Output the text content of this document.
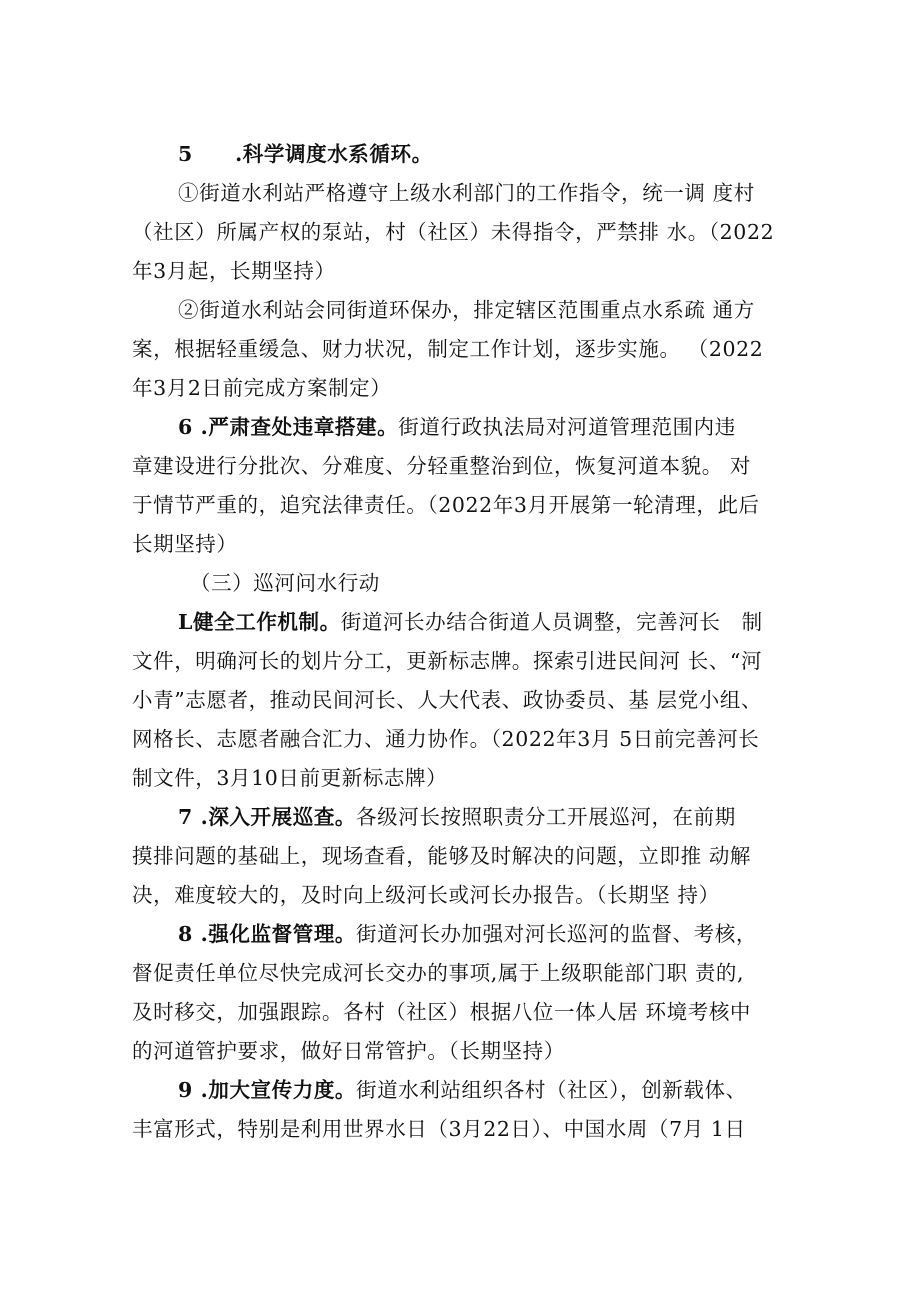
5　　.科学调度水系循环。
①街道水利站严格遵守上级水利部门的工作指令，统一调 度村
（社区）所属产权的泵站，村（社区）未得指令，严禁排 水。（2022
年3月起，长期坚持）
②街道水利站会同街道环保办，排定辖区范围重点水系疏 通方
案，根据轻重缓急、财力状况，制定工作计划，逐步实施。 （2022
年3月2日前完成方案制定）
6 .严肃查处违章搭建。街道行政执法局对河道管理范围内违
章建设进行分批次、分难度、分轻重整治到位，恢复河道本貌。 对
于情节严重的，追究法律责任。（2022年3月开展第一轮清理，此后
长期坚持）
（三）巡河问水行动
L健全工作机制。街道河长办结合街道人员调整，完善河长　制
文件，明确河长的划片分工，更新标志牌。探索引进民间河 长、“河
小青”志愿者，推动民间河长、人大代表、政协委员、基 层党小组、
网格长、志愿者融合汇力、通力协作。（2022年3月 5日前完善河长
制文件，3月10日前更新标志牌）
7 .深入开展巡查。各级河长按照职责分工开展巡河，在前期
摸排问题的基础上，现场查看，能够及时解决的问题，立即推 动解
决，难度较大的，及时向上级河长或河长办报告。（长期坚 持）
8 .强化监督管理。街道河长办加强对河长巡河的监督、考核，
督促责任单位尽快完成河长交办的事项,属于上级职能部门职 责的,
及时移交，加强跟踪。各村（社区）根据八位一体人居 环境考核中
的河道管护要求，做好日常管护。（长期坚持）
9 .加大宣传力度。街道水利站组织各村（社区），创新载体、
丰富形式，特别是利用世界水日（3月22日）、中国水周（7月 1日
